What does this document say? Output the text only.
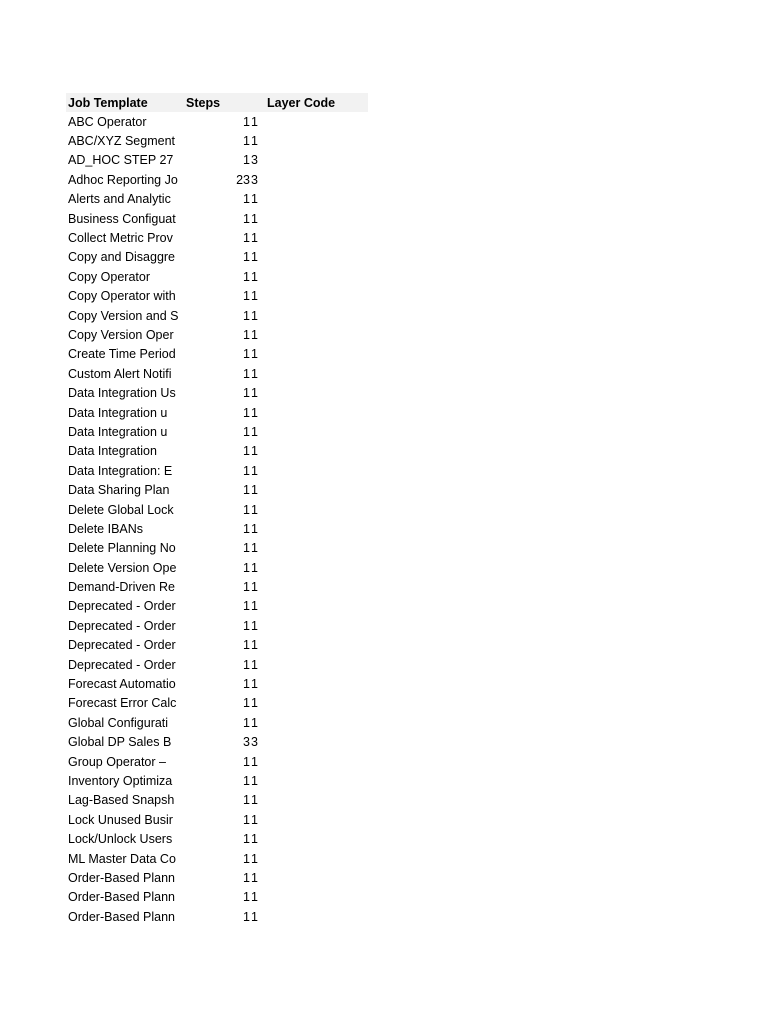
Job Template	Steps	Layer Code
ABC Operator	1 1
ABC/XYZ Segment	1 1
AD_HOC STEP 27	1 3
Adhoc Reporting Jo	23 3
Alerts and Analytic	1 1
Business Configuat	1 1
Collect Metric Prov	1 1
Copy and Disaggre	1 1
Copy Operator	1 1
Copy Operator with	1 1
Copy Version and S	1 1
Copy Version Oper	1 1
Create Time Period	1 1
Custom Alert Notifi	1 1
Data Integration Us	1 1
Data Integration u	1 1
Data Integration u	1 1
Data Integration	1 1
Data Integration: E	1 1
Data Sharing Plan	1 1
Delete Global Lock	1 1
Delete IBANs	1 1
Delete Planning No	1 1
Delete Version Ope	1 1
Demand-Driven Re	1 1
Deprecated - Order	1 1
Deprecated - Order	1 1
Deprecated - Order	1 1
Deprecated - Order	1 1
Forecast Automatio	1 1
Forecast Error Calc	1 1
Global Configurati	1 1
Global DP Sales B	3 3
Group Operator –	1 1
Inventory Optimiza	1 1
Lag-Based Snapsh	1 1
Lock Unused Busir	1 1
Lock/Unlock Users	1 1
ML Master Data Co	1 1
Order-Based Plann	1 1
Order-Based Plann	1 1
Order-Based Plann	1 1
